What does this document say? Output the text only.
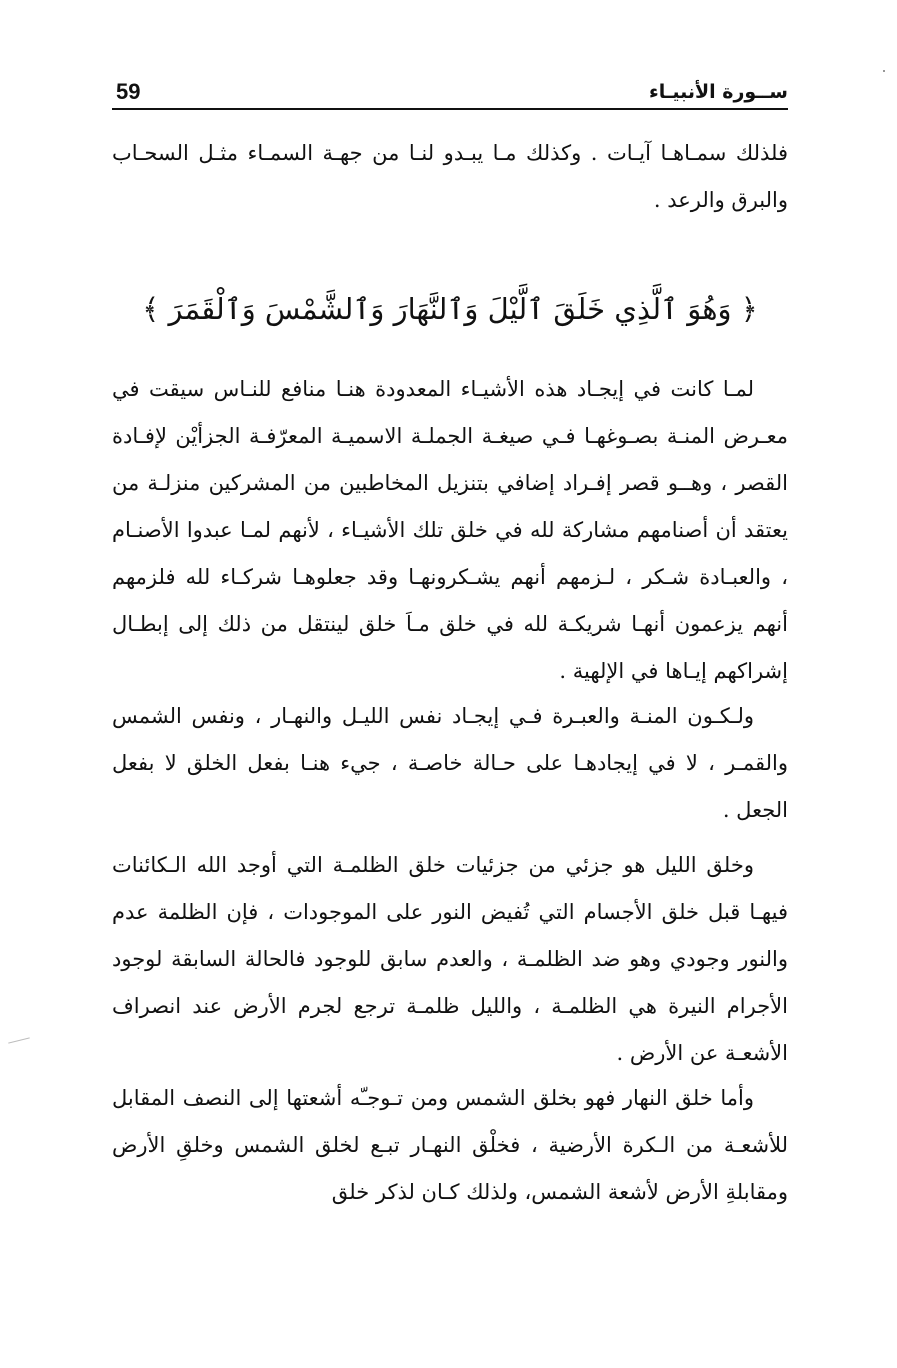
59	ســورة الأنبيـاء
فلذلك سمـاهـا آيـات . وكذلك مـا يبـدو لنـا من جهـة السمـاء مثـل السحـاب والبرق والرعد .
﴿ وَهُوَ ٱلَّذِي خَلَقَ ٱلَّيْلَ وَٱلنَّهَارَ وَٱلشَّمْسَ وَٱلْقَمَرَ ﴾
لمـا كانت في إيجـاد هذه الأشيـاء المعدودة هنـا منافع للنـاس سيقت في معـرض المنـة بصـوغهـا فـي صيغـة الجملـة الاسميـة المعرّفـة الجزأيْن لإفـادة القصر ، وهــو قصر إفـراد إضافي بتنزيل المخاطبين من المشركين منزلـة من يعتقد أن أصنامهم مشاركة لله في خلق تلك الأشيـاء ، لأنهم لمـا عبدوا الأصنـام ، والعبـادة شـكر ، لـزمهم أنهم يشـكرونهـا وقد جعلوهـا شركـاء لله فلزمهم أنهم يزعمون أنهـا شريكـة لله في خلق مـاَ خلق لينتقل من ذلك إلى إبطـال إشراكهم إيـاها في الإلهية .
ولـكـون المنـة والعبـرة فـي إيجـاد نفس الليـل والنهـار ، ونفس الشمس والقمـر ، لا في إيجادهـا على حـالة خاصـة ، جيء هنـا بفعل الخلق لا بفعل الجعل .
وخلق الليل هو جزئي من جزئيات خلق الظلمـة التي أوجد الله الـكائنات فيهـا قبل خلق الأجسام التي تُفيض النور على الموجودات ، فإن الظلمة عدم والنور وجودي وهو ضد الظلمـة ، والعدم سابق للوجود فالحالة السابقة لوجود الأجرام النيرة هي الظلمـة ، والليل ظلمـة ترجع لجرم الأرض عند انصراف الأشعـة عن الأرض .
وأما خلق النهار فهو بخلق الشمس ومن تـوجـّه أشعتها إلى النصف المقابل للأشعـة من الـكرة الأرضية ، فخلْق النهـار تبـع لخلق الشمس وخلقِ الأرض ومقابلةِ الأرض لأشعة الشمس، ولذلك كـان لذكر خلق
